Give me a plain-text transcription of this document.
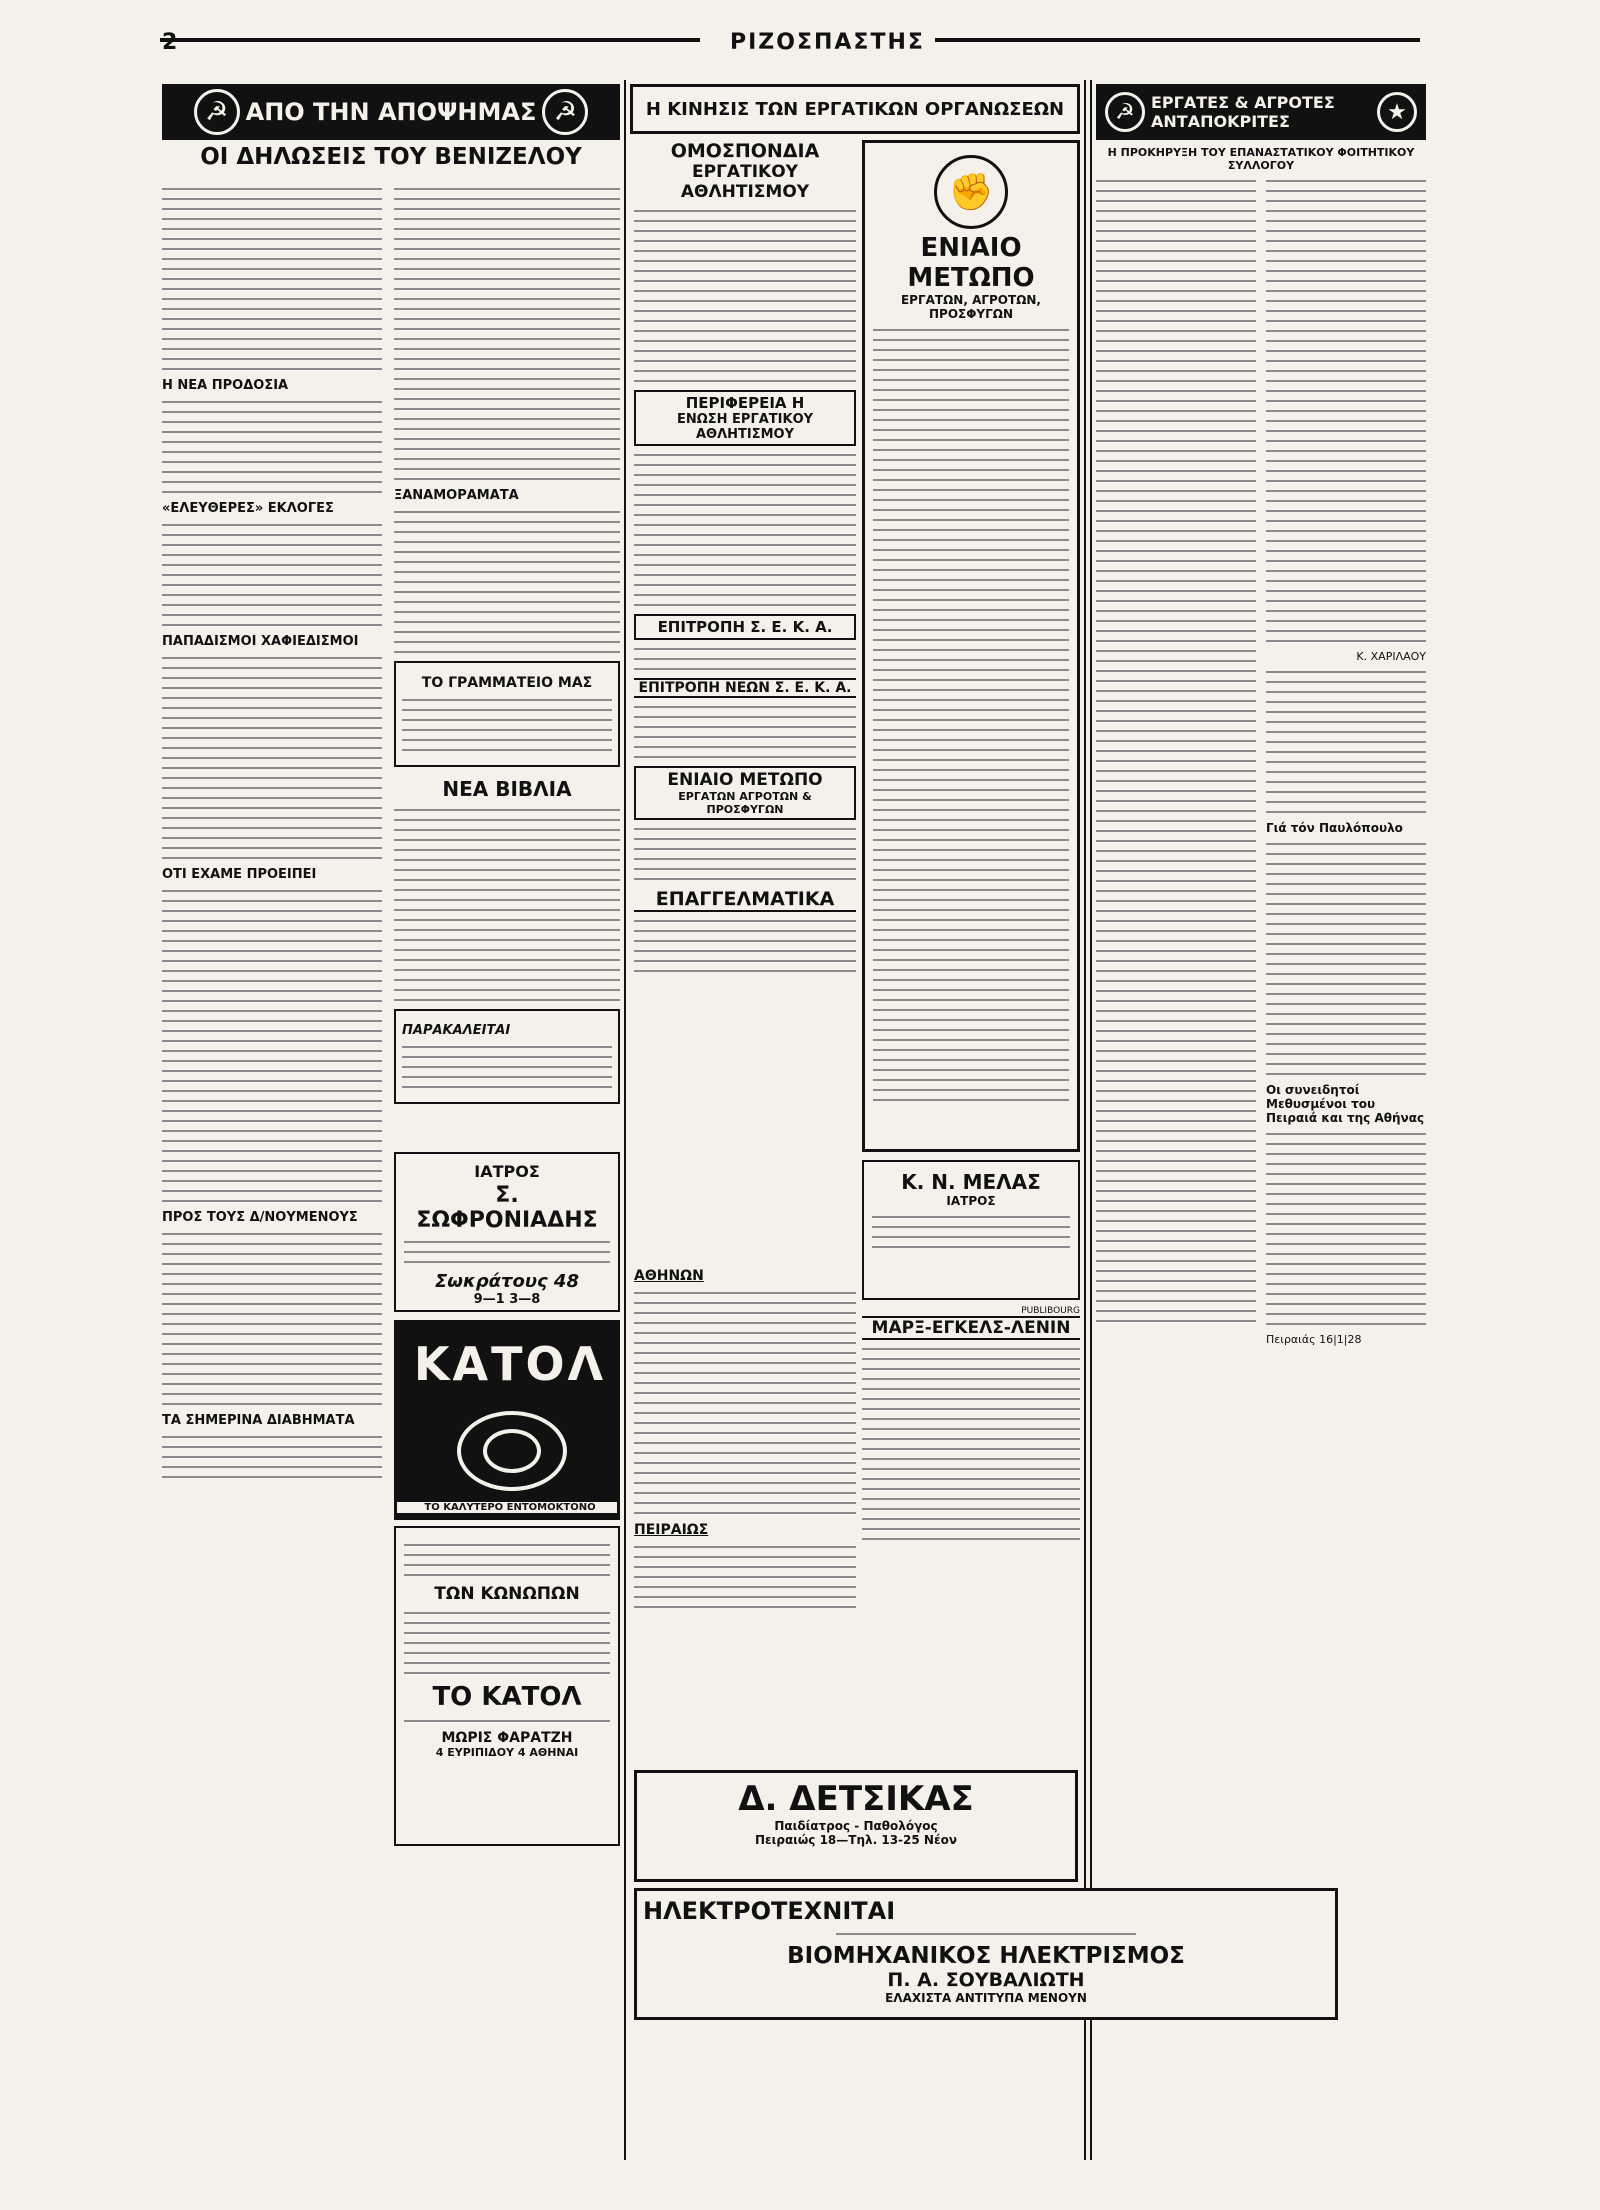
2	ΡΙΖΟΣΠΑΣΤΗΣ
☭ ΑΠΟ ΤΗΝ ΑΠΟΨΗΜΑΣ ☭
ΟΙ ΔΗΛΩΣΕΙΣ ΤΟΥ ΒΕΝΙΖΕΛΟΥ
Η ΝΕΑ ΠΡΟΔΟΣΙΑ
«ΕΛΕΥΘΕΡΕΣ» ΕΚΛΟΓΕΣ
ΠΑΠΑΔΙΣΜΟΙ ΧΑΦΙΕΔΙΣΜΟΙ
ΟΤΙ ΕΧΑΜΕ ΠΡΟΕΙΠΕΙ
ΠΡΟΣ ΤΟΥΣ Δ/ΝΟΥΜΕΝΟΥΣ
ΤΑ ΣΗΜΕΡΙΝΑ ΔΙΑΒΗΜΑΤΑ
ΞΑΝΑΜΟΡΑΜΑΤΑ
ΤΟ ΓΡΑΜΜΑΤΕΙΟ ΜΑΣ
ΝΕΑ ΒΙΒΛΙΑ
ΠΑΡΑΚΑΛΕΙΤΑΙ
ΙΑΤΡΟΣ
Σ. ΣΩΦΡΟΝΙΑΔΗΣ
Σωκράτους 48
9—1 3—8
ΚΑΤΟΛ
ΤΟ ΚΑΛΥΤΕΡΟ ΕΝΤΟΜΟΚΤΟΝΟ
ΤΩΝ ΚΩΝΩΠΩΝ
ΤΟ ΚΑΤΟΛ
ΜΩΡΙΣ ΦΑΡΑΤΖΗ
4 ΕΥΡΙΠΙΔΟΥ 4 ΑΘΗΝΑΙ
Η ΚΙΝΗΣΙΣ ΤΩΝ ΕΡΓΑΤΙΚΩΝ ΟΡΓΑΝΩΣΕΩΝ
ΟΜΟΣΠΟΝΔΙΑ
ΕΡΓΑΤΙΚΟΥ ΑΘΛΗΤΙΣΜΟΥ
ΠΕΡΙΦΕΡΕΙΑ Η
ΕΝΩΣΗ ΕΡΓΑΤΙΚΟΥ ΑΘΛΗΤΙΣΜΟΥ
ΕΠΙΤΡΟΠΗ Σ. Ε. Κ. Α.
ΕΠΙΤΡΟΠΗ ΝΕΩΝ Σ. Ε. Κ. Α.
ΕΝΙΑΙΟ ΜΕΤΩΠΟ
ΕΡΓΑΤΩΝ ΑΓΡΟΤΩΝ & ΠΡΟΣΦΥΓΩΝ
ΕΠΑΓΓΕΛΜΑΤΙΚΑ
ΑΘΗΝΩΝ
ΠΕΙΡΑΙΩΣ
✊
ΕΝΙΑΙΟ ΜΕΤΩΠΟ
ΕΡΓΑΤΩΝ, ΑΓΡΟΤΩΝ, ΠΡΟΣΦΥΓΩΝ
Κ. Ν. ΜΕΛΑΣ
ΙΑΤΡΟΣ
PUBLIBOURG
ΜΑΡΞ-ΕΓΚΕΛΣ-ΛΕΝΙΝ
Δ. ΔΕΤΣΙΚΑΣ
Παιδίατρος - Παθολόγος
Πειραιώς 18—Τηλ. 13-25 Νέον
ΗΛΕΚΤΡΟΤΕΧΝΙΤΑΙ
ΒΙΟΜΗΧΑΝΙΚΟΣ ΗΛΕΚΤΡΙΣΜΟΣ
Π. Α. ΣΟΥΒΑΛΙΩΤΗ
ΕΛΑΧΙΣΤΑ ΑΝΤΙΤΥΠΑ ΜΕΝΟΥΝ
☭	ΕΡΓΑΤΕΣ & ΑΓΡΟΤΕΣ ΑΝΤΑΠΟΚΡΙΤΕΣ	★
Η ΠΡΟΚΗΡΥΞΗ ΤΟΥ ΕΠΑΝΑΣΤΑΤΙΚΟΥ ΦΟΙΤΗΤΙΚΟΥ ΣΥΛΛΟΓΟΥ
Κ. ΧΑΡΙΛΑΟΥ
Γιά τόν Παυλόπουλο
Οι συνειδητοί Μεθυσμένοι του Πειραιά και της Αθήνας
Πειραιάς 16|1|28
